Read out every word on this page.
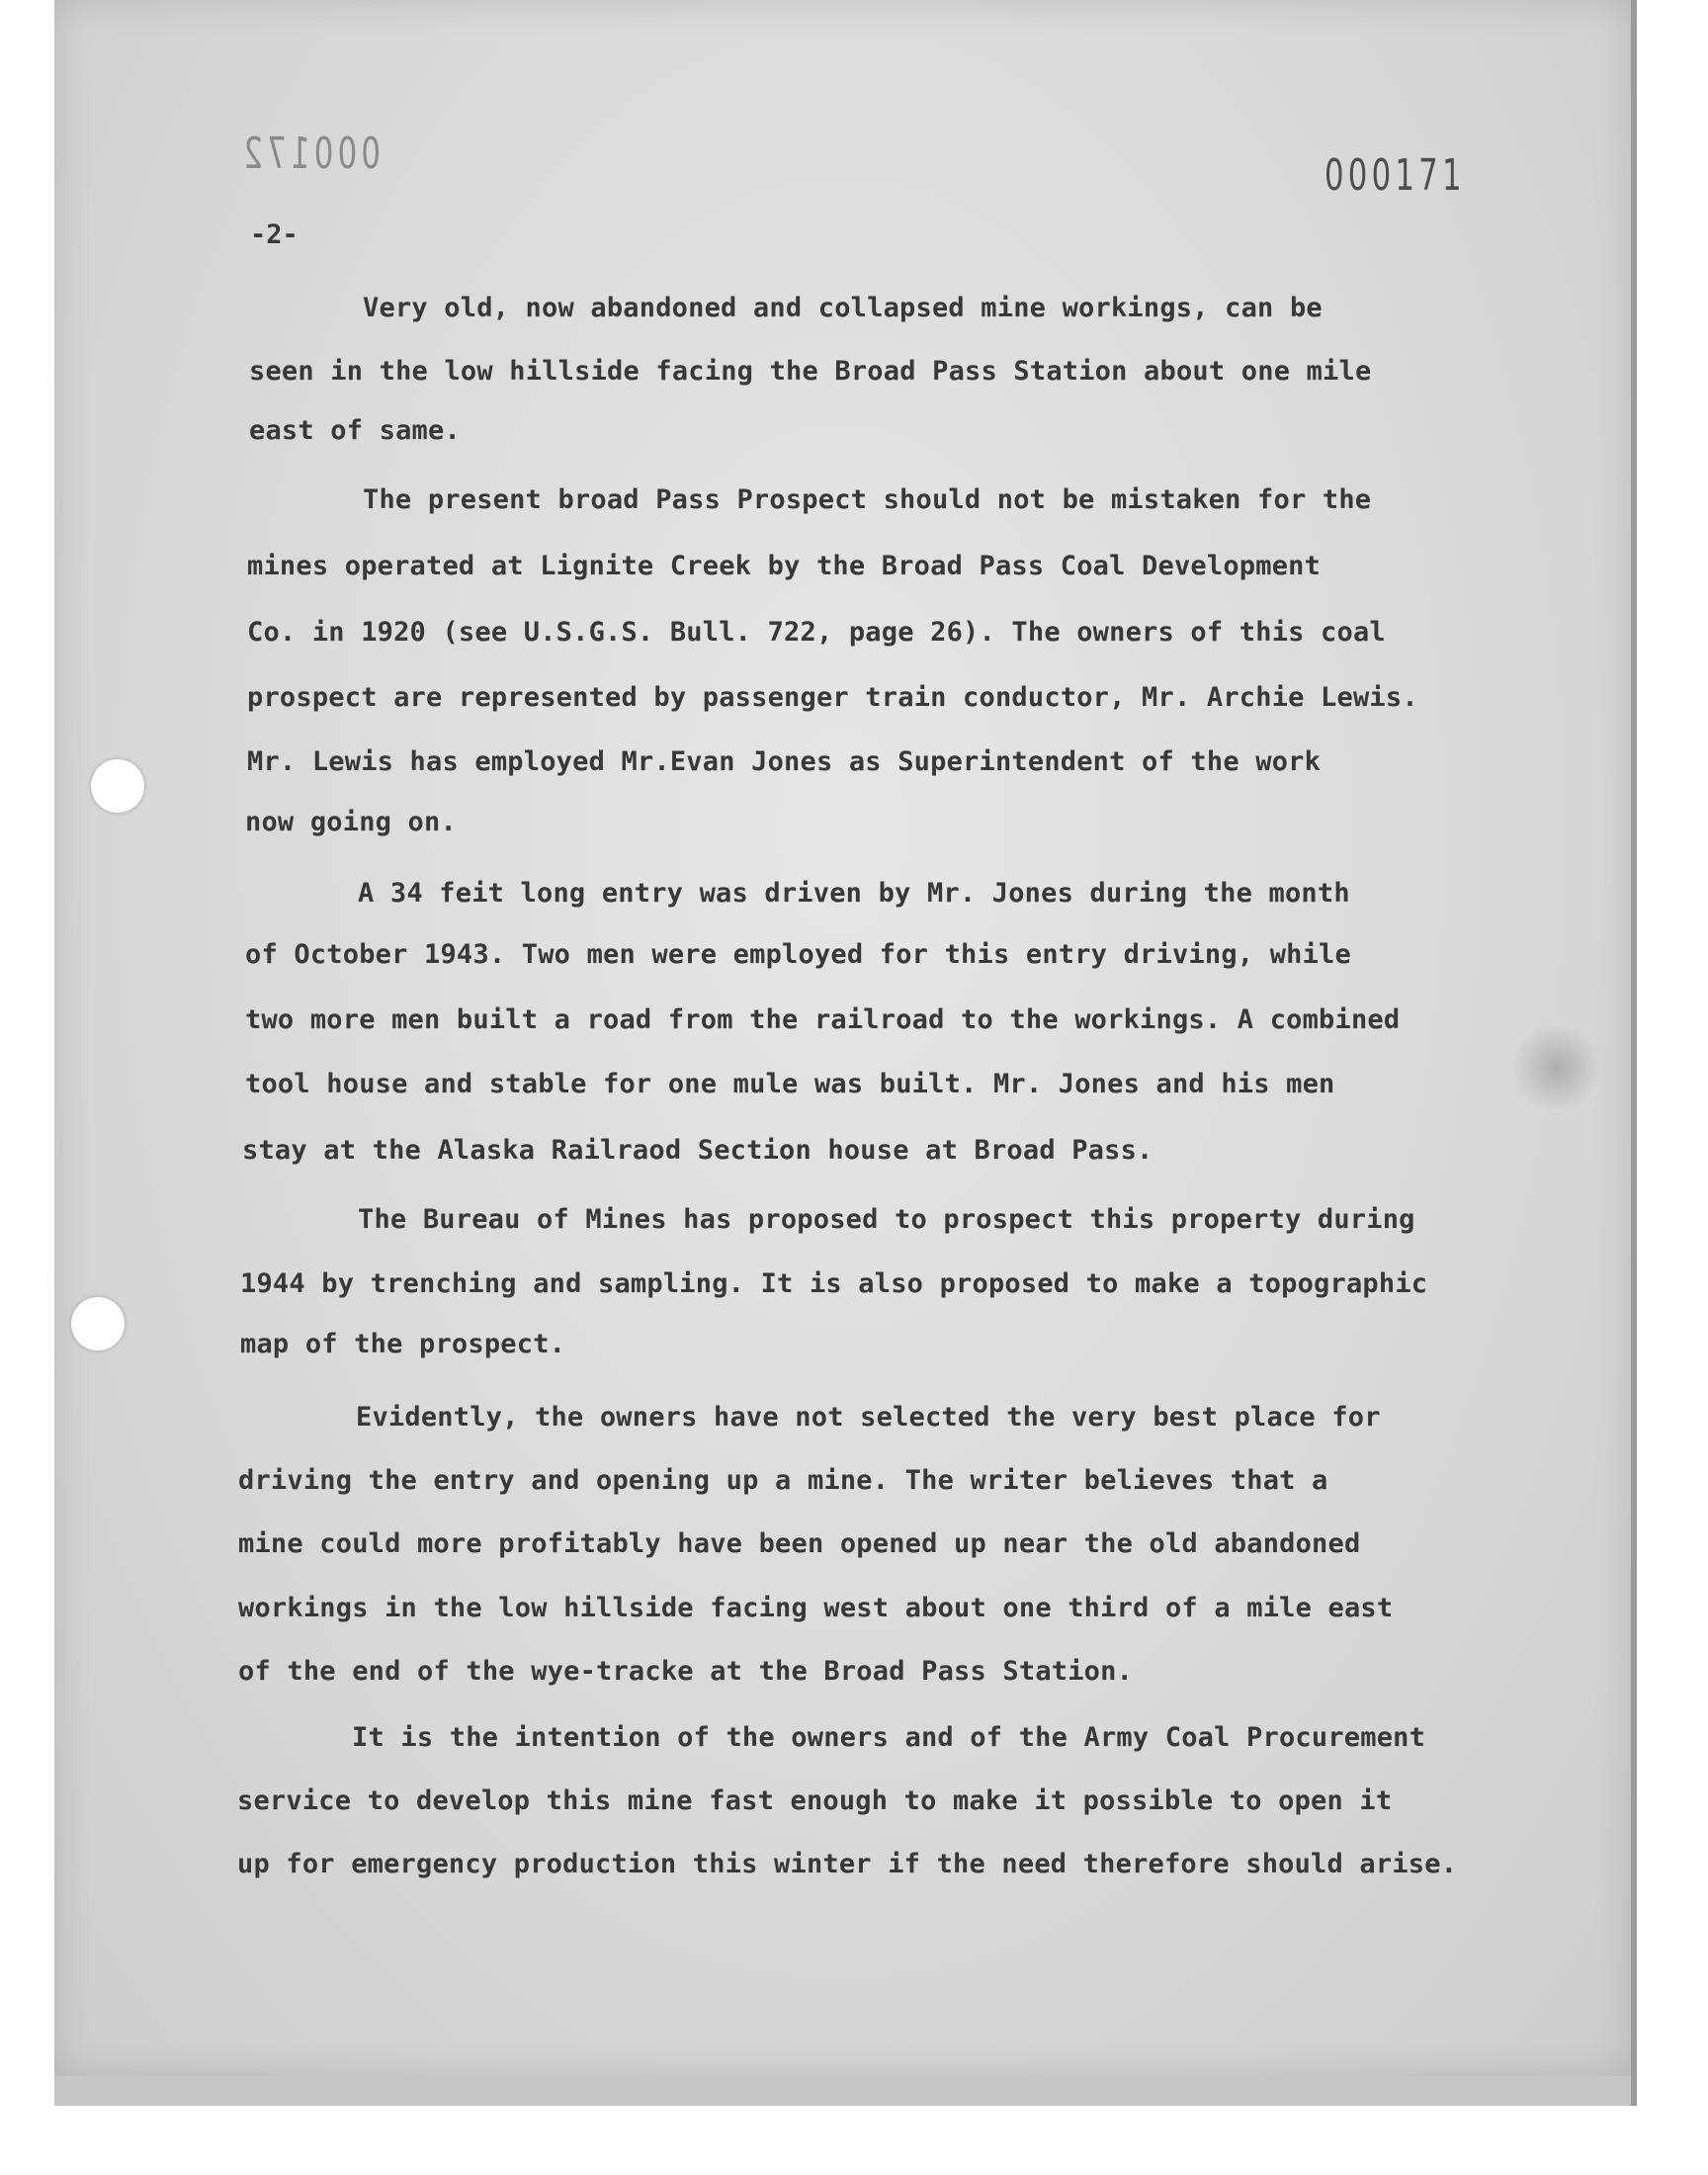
000172	000171
-2-
Very old, now abandoned and collapsed mine workings, can be
seen in the low hillside facing the Broad Pass Station about one mile
east of same.
The present broad Pass Prospect should not be mistaken for the
mines operated at Lignite Creek by the Broad Pass Coal Development
Co. in 1920 (see U.S.G.S. Bull. 722, page 26). The owners of this coal
prospect are represented by passenger train conductor, Mr. Archie Lewis.
Mr. Lewis has employed Mr.Evan Jones as Superintendent of the work
now going on.
A 34 feit long entry was driven by Mr. Jones during the month
of October 1943. Two men were employed for this entry driving, while
two more men built a road from the railroad to the workings. A combined
tool house and stable for one mule was built. Mr. Jones and his men
stay at the Alaska Railraod Section house at Broad Pass.
The Bureau of Mines has proposed to prospect this property during
1944 by trenching and sampling. It is also proposed to make a topographic
map of the prospect.
Evidently, the owners have not selected the very best place for
driving the entry and opening up a mine. The writer believes that a
mine could more profitably have been opened up near the old abandoned
workings in the low hillside facing west about one third of a mile east
of the end of the wye-tracke at the Broad Pass Station.
It is the intention of the owners and of the Army Coal Procurement
service to develop this mine fast enough to make it possible to open it
up for emergency production this winter if the need therefore should arise.
